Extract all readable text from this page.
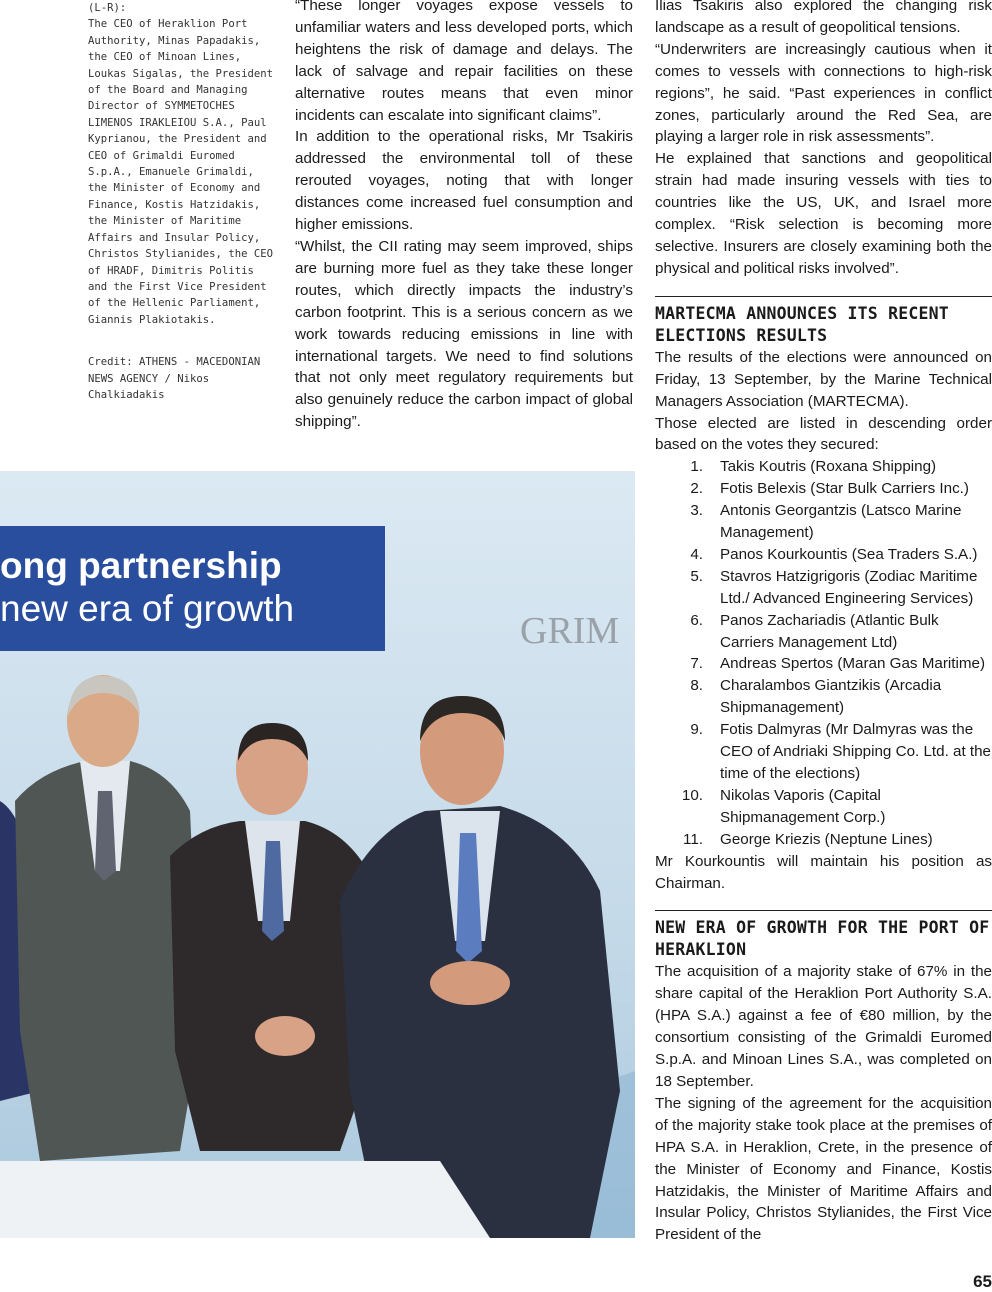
(L-R):
The CEO of Heraklion Port Authority, Minas Papadakis, the CEO of Minoan Lines, Loukas Sigalas, the President of the Board and Managing Director of SYMMETOCHES LIMENOS IRAKLEIOU S.A., Paul Kyprianou, the President and CEO of Grimaldi Euromed S.p.A., Emanuele Grimaldi, the Minister of Economy and Finance, Kostis Hatzidakis, the Minister of Maritime Affairs and Insular Policy, Christos Stylianides, the CEO of HRADF, Dimitris Politis and the First Vice President of the Hellenic Parliament, Giannis Plakiotakis.

Credit: ATHENS - MACEDONIAN NEWS AGENCY / Nikos Chalkiadakis

“These longer voyages expose vessels to unfamiliar waters and less developed ports, which heightens the risk of damage and delays. The lack of salvage and repair facilities on these alternative routes means that even minor incidents can escalate into significant claims”.

In addition to the operational risks, Mr Tsakiris addressed the environmental toll of these rerouted voyages, noting that with longer distances come increased fuel consumption and higher emissions.

“Whilst, the CII rating may seem improved, ships are burning more fuel as they take these longer routes, which directly impacts the industry’s carbon footprint. This is a serious concern as we work towards reducing emissions in line with international targets. We need to find solutions that not only meet regulatory requirements but also genuinely reduce the carbon impact of global shipping”.

Ilias Tsakiris also explored the changing risk landscape as a result of geopolitical tensions.

“Underwriters are increasingly cautious when it comes to vessels with connections to high-risk regions”, he said. “Past experiences in conflict zones, particularly around the Red Sea, are playing a larger role in risk assessments”.

He explained that sanctions and geopolitical strain had made insuring vessels with ties to countries like the US, UK, and Israel more complex. “Risk selection is becoming more selective. Insurers are closely examining both the physical and political risks involved”.

MARTECMA ANNOUNCES ITS RECENT ELECTIONS RESULTS

The results of the elections were announced on Friday, 13 September, by the Marine Technical Managers Association (MARTECMA).

Those elected are listed in descending order based on the votes they secured:

1. Takis Koutris (Roxana Shipping)
2. Fotis Belexis (Star Bulk Carriers Inc.)
3. Antonis Georgantzis (Latsco Marine Management)
4. Panos Kourkountis (Sea Traders S.A.)
5. Stavros Hatzigrigoris (Zodiac Maritime Ltd./ Advanced Engineering Services)
6. Panos Zachariadis (Atlantic Bulk Carriers Management Ltd)
7. Andreas Spertos (Maran Gas Maritime)
8. Charalambos Giantzikis (Arcadia Shipmanagement)
9. Fotis Dalmyras (Mr Dalmyras was the CEO of Andriaki Shipping Co. Ltd. at the time of the elections)
10. Nikolas Vaporis (Capital Shipmanagement Corp.)
11. George Kriezis (Neptune Lines)

Mr Kourkountis will maintain his position as Chairman.

NEW ERA OF GROWTH FOR THE PORT OF HERAKLION

The acquisition of a majority stake of 67% in the share capital of the Heraklion Port Authority S.A. (HPA S.A.) against a fee of €80 million, by the consortium consisting of the Grimaldi Euromed S.p.A. and Minoan Lines S.A., was completed on 18 September.

The signing of the agreement for the acquisition of the majority stake took place at the premises of HPA S.A. in Heraklion, Crete, in the presence of the Minister of Economy and Finance, Kostis Hatzidakis, the Minister of Maritime Affairs and Insular Policy, Christos Stylianides, the First Vice President of the

ong partnership
new era of growth
GRIM
65
